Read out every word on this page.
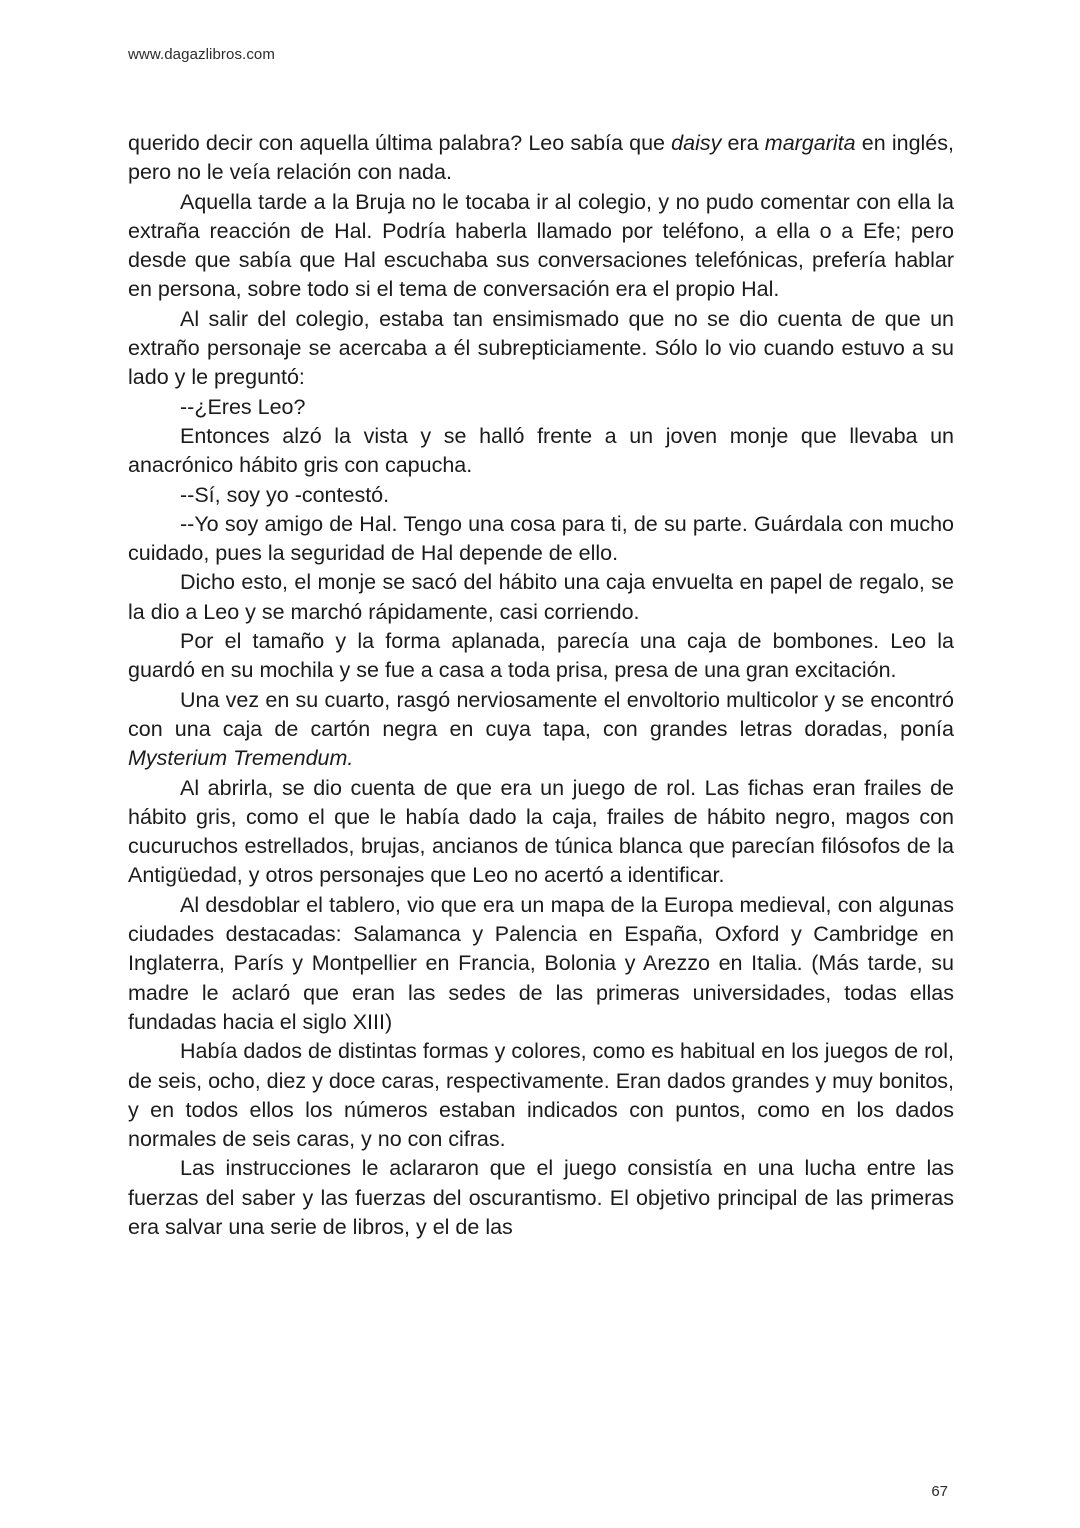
www.dagazlibros.com

querido decir con aquella última palabra? Leo sabía que daisy era margarita en inglés, pero no le veía relación con nada.

Aquella tarde a la Bruja no le tocaba ir al colegio, y no pudo comentar con ella la extraña reacción de Hal. Podría haberla llamado por teléfono, a ella o a Efe; pero desde que sabía que Hal escuchaba sus conversaciones telefónicas, prefería hablar en persona, sobre todo si el tema de conversación era el propio Hal.

Al salir del colegio, estaba tan ensimismado que no se dio cuenta de que un extraño personaje se acercaba a él subrepticiamente. Sólo lo vio cuando estuvo a su lado y le preguntó:

--¿Eres Leo?

Entonces alzó la vista y se halló frente a un joven monje que llevaba un anacrónico hábito gris con capucha.

--Sí, soy yo -contestó.

--Yo soy amigo de Hal. Tengo una cosa para ti, de su parte. Guárdala con mucho cuidado, pues la seguridad de Hal depende de ello.

Dicho esto, el monje se sacó del hábito una caja envuelta en papel de regalo, se la dio a Leo y se marchó rápidamente, casi corriendo.

Por el tamaño y la forma aplanada, parecía una caja de bombones. Leo la guardó en su mochila y se fue a casa a toda prisa, presa de una gran excitación.

Una vez en su cuarto, rasgó nerviosamente el envoltorio multicolor y se encontró con una caja de cartón negra en cuya tapa, con grandes letras doradas, ponía Mysterium Tremendum.

Al abrirla, se dio cuenta de que era un juego de rol. Las fichas eran frailes de hábito gris, como el que le había dado la caja, frailes de hábito negro, magos con cucuruchos estrellados, brujas, ancianos de túnica blanca que parecían filósofos de la Antigüedad, y otros personajes que Leo no acertó a identificar.

Al desdoblar el tablero, vio que era un mapa de la Europa medieval, con algunas ciudades destacadas: Salamanca y Palencia en España, Oxford y Cambridge en Inglaterra, París y Montpellier en Francia, Bolonia y Arezzo en Italia. (Más tarde, su madre le aclaró que eran las sedes de las primeras universidades, todas ellas fundadas hacia el siglo XIII)

Había dados de distintas formas y colores, como es habitual en los juegos de rol, de seis, ocho, diez y doce caras, respectivamente. Eran dados grandes y muy bonitos, y en todos ellos los números estaban indicados con puntos, como en los dados normales de seis caras, y no con cifras.

Las instrucciones le aclararon que el juego consistía en una lucha entre las fuerzas del saber y las fuerzas del oscurantismo. El objetivo principal de las primeras era salvar una serie de libros, y el de las

67
